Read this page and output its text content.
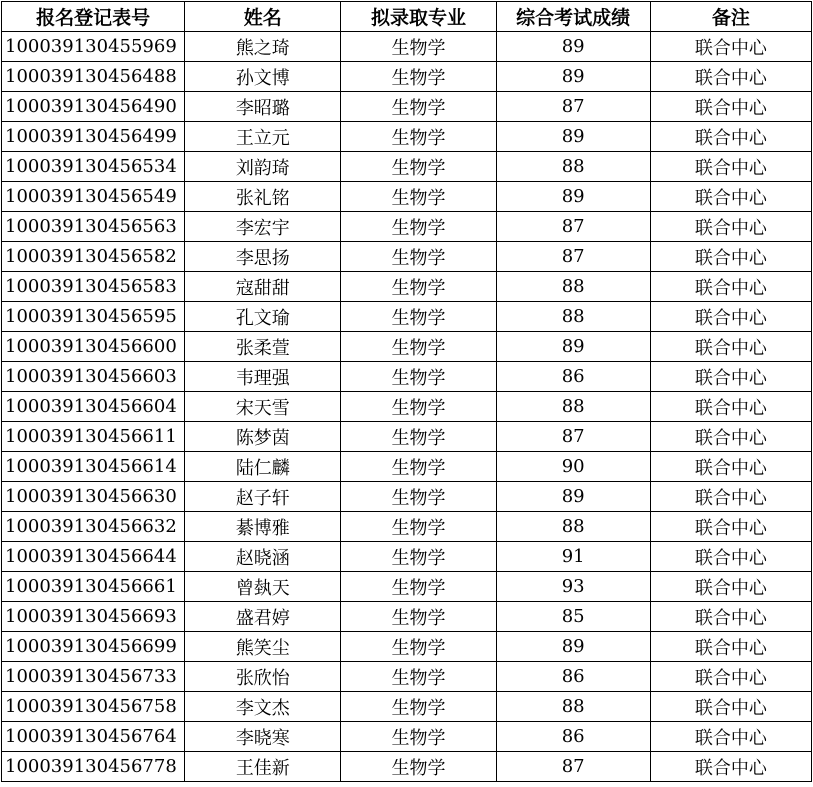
报名登记表号	姓名	拟录取专业	综合考试成绩	备注
100039130455969	熊之琦	生物学	89	联合中心
100039130456488	孙文博	生物学	89	联合中心
100039130456490	李昭璐	生物学	87	联合中心
100039130456499	王立元	生物学	89	联合中心
100039130456534	刘韵琦	生物学	88	联合中心
100039130456549	张礼铭	生物学	89	联合中心
100039130456563	李宏宇	生物学	87	联合中心
100039130456582	李思扬	生物学	87	联合中心
100039130456583	寇甜甜	生物学	88	联合中心
100039130456595	孔文瑜	生物学	88	联合中心
100039130456600	张柔萱	生物学	89	联合中心
100039130456603	韦理强	生物学	86	联合中心
100039130456604	宋天雪	生物学	88	联合中心
100039130456611	陈梦茵	生物学	87	联合中心
100039130456614	陆仁麟	生物学	90	联合中心
100039130456630	赵子轩	生物学	89	联合中心
100039130456632	綦博雅	生物学	88	联合中心
100039130456644	赵晓涵	生物学	91	联合中心
100039130456661	曾埶天	生物学	93	联合中心
100039130456693	盛君婷	生物学	85	联合中心
100039130456699	熊笑尘	生物学	89	联合中心
100039130456733	张欣怡	生物学	86	联合中心
100039130456758	李文杰	生物学	88	联合中心
100039130456764	李晓寒	生物学	86	联合中心
100039130456778	王佳新	生物学	87	联合中心
